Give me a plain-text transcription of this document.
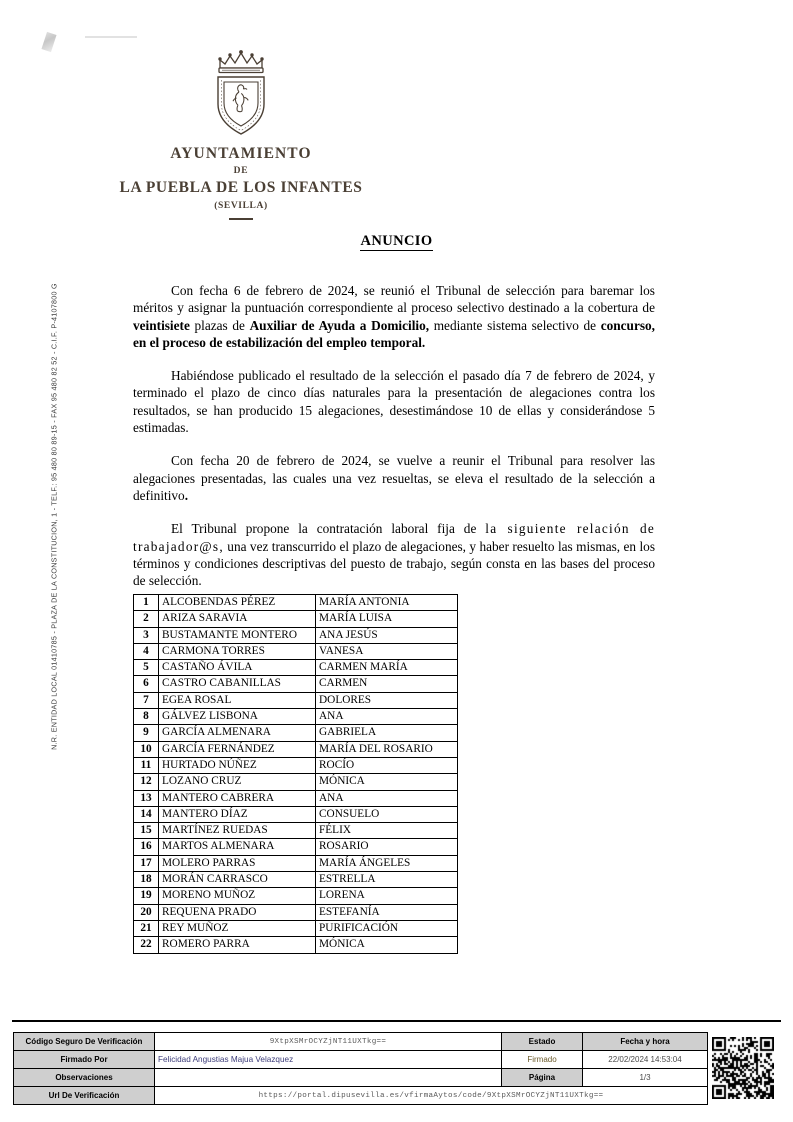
N.R. ENTIDAD LOCAL 01410785 - PLAZA DE LA CONSTITUCION, 1 - TELF.: 95 480 80 89-15 - FAX 95 480 82 52 - C.I.F. P-4107800 G
AYUNTAMIENTO
DE
LA PUEBLA DE LOS INFANTES
(SEVILLA)
ANUNCIO

Con fecha 6 de febrero de 2024, se reunió el Tribunal de selección para baremar los méritos y asignar la puntuación correspondiente al proceso selectivo destinado a la cobertura de veintisiete plazas de Auxiliar de Ayuda a Domicilio, mediante sistema selectivo de concurso, en el proceso de estabilización del empleo temporal.

Habiéndose publicado el resultado de la selección el pasado día 7 de febrero de 2024, y terminado el plazo de cinco días naturales para la presentación de alegaciones contra los resultados, se han producido 15 alegaciones, desestimándose 10 de ellas y considerándose 5 estimadas.

Con fecha 20 de febrero de 2024, se vuelve a reunir el Tribunal para resolver las alegaciones presentadas, las cuales una vez resueltas, se eleva el resultado de la selección a definitivo.

El Tribunal propone la contratación laboral fija de la siguiente relación de trabajador@s, una vez transcurrido el plazo de alegaciones, y haber resuelto las mismas, en los términos y condiciones descriptivas del puesto de trabajo, según consta en las bases del proceso de selección.

1	ALCOBENDAS PÉREZ	MARÍA ANTONIA
2	ARIZA SARAVIA	MARÍA LUISA
3	BUSTAMANTE MONTERO	ANA JESÚS
4	CARMONA TORRES	VANESA
5	CASTAÑO ÁVILA	CARMEN MARÍA
6	CASTRO CABANILLAS	CARMEN
7	EGEA ROSAL	DOLORES
8	GÁLVEZ LISBONA	ANA
9	GARCÍA ALMENARA	GABRIELA
10	GARCÍA FERNÁNDEZ	MARÍA DEL ROSARIO
11	HURTADO NÚÑEZ	ROCÍO
12	LOZANO CRUZ	MÓNICA
13	MANTERO CABRERA	ANA
14	MANTERO DÍAZ	CONSUELO
15	MARTÍNEZ RUEDAS	FÉLIX
16	MARTOS ALMENARA	ROSARIO
17	MOLERO PARRAS	MARÍA ÁNGELES
18	MORÁN CARRASCO	ESTRELLA
19	MORENO MUÑOZ	LORENA
20	REQUENA PRADO	ESTEFANÍA
21	REY MUÑOZ	PURIFICACIÓN
22	ROMERO PARRA	MÓNICA
Código Seguro De Verificación	9XtpXSMrOCYZjNT11UXTkg==	Estado	Fecha y hora
Firmado Por	Felicidad Angustias Majua Velazquez	Firmado	22/02/2024 14:53:04
Observaciones		Página	1/3
Url De Verificación	https://portal.dipusevilla.es/vfirmaAytos/code/9XtpXSMrOCYZjNT11UXTkg==		
